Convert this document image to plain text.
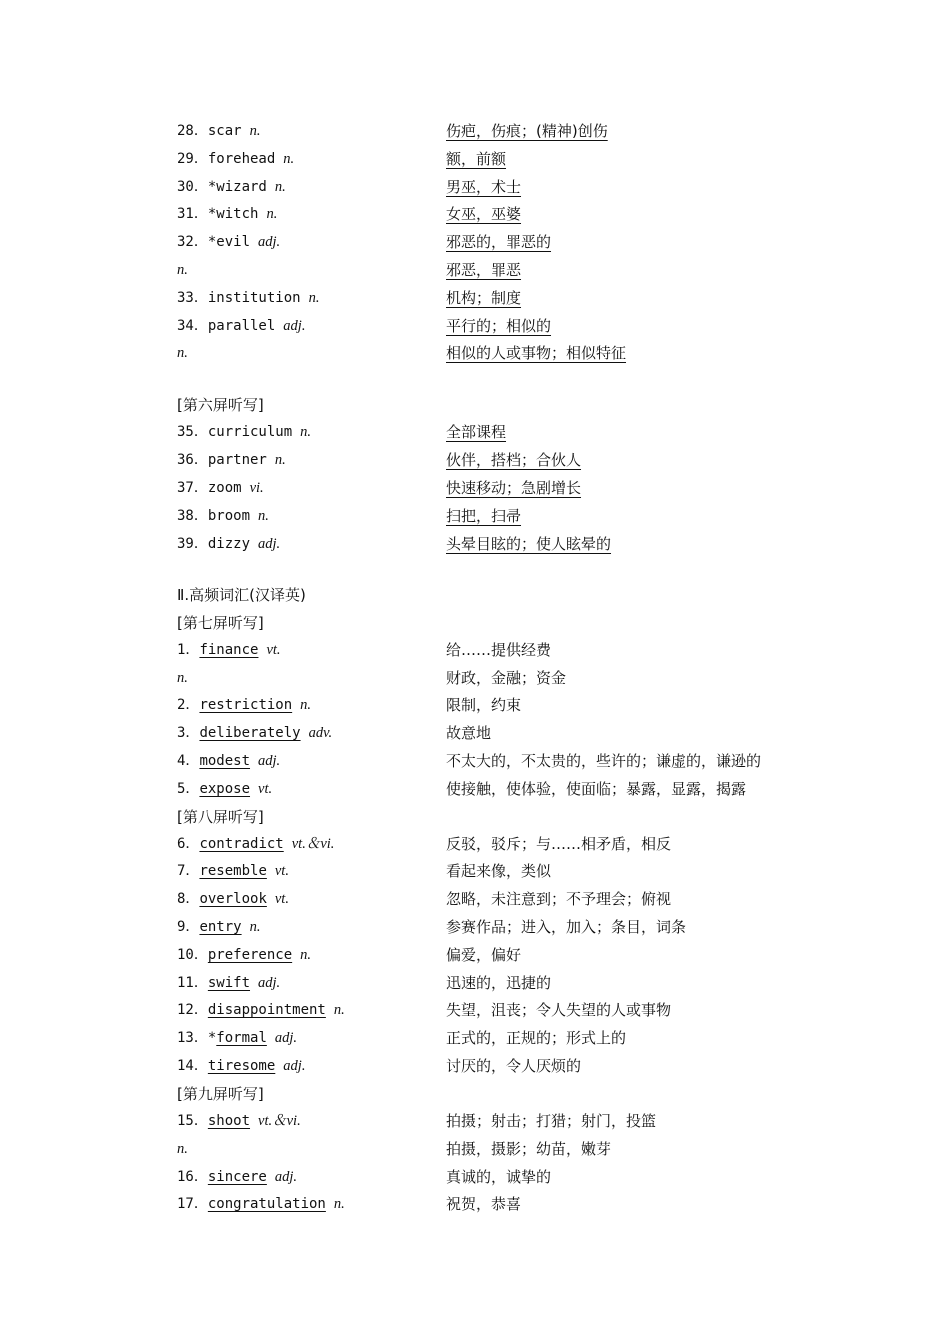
28．scar n.	伤疤，伤痕；(精神)创伤
29．forehead n.	额，前额
30．*wizard n.	男巫，术士
31．*witch n.	女巫，巫婆
32．*evil adj.	邪恶的，罪恶的
n.	邪恶，罪恶
33．institution n.	机构；制度
34．parallel adj.	平行的；相似的
n.	相似的人或事物；相似特征
[第六屏听写]
35．curriculum n.	全部课程
36．partner n.	伙伴，搭档；合伙人
37．zoom vi.	快速移动；急剧增长
38．broom n.	扫把，扫帚
39．dizzy adj.	头晕目眩的；使人眩晕的
Ⅱ.高频词汇(汉译英)
[第七屏听写]
1．finance vt.	给……提供经费
n.	财政，金融；资金
2．restriction n.	限制，约束
3．deliberately adv.	故意地
4．modest adj.	不太大的，不太贵的，些许的；谦虚的，谦逊的
5．expose vt.	使接触，使体验，使面临；暴露，显露，揭露
[第八屏听写]
6．contradict vt.＆vi.	反驳，驳斥；与……相矛盾，相反
7．resemble vt.	看起来像，类似
8．overlook vt.	忽略，未注意到；不予理会；俯视
9．entry n.	参赛作品；进入，加入；条目，词条
10．preference n.	偏爱，偏好
11．swift adj.	迅速的，迅捷的
12．disappointment n.	失望，沮丧；令人失望的人或事物
13．*formal adj.	正式的，正规的；形式上的
14．tiresome adj.	讨厌的，令人厌烦的
[第九屏听写]
15．shoot vt.＆vi.	拍摄；射击；打猎；射门，投篮
n.	拍摄，摄影；幼苗，嫩芽
16．sincere adj.	真诚的，诚挚的
17．congratulation n.	祝贺，恭喜
